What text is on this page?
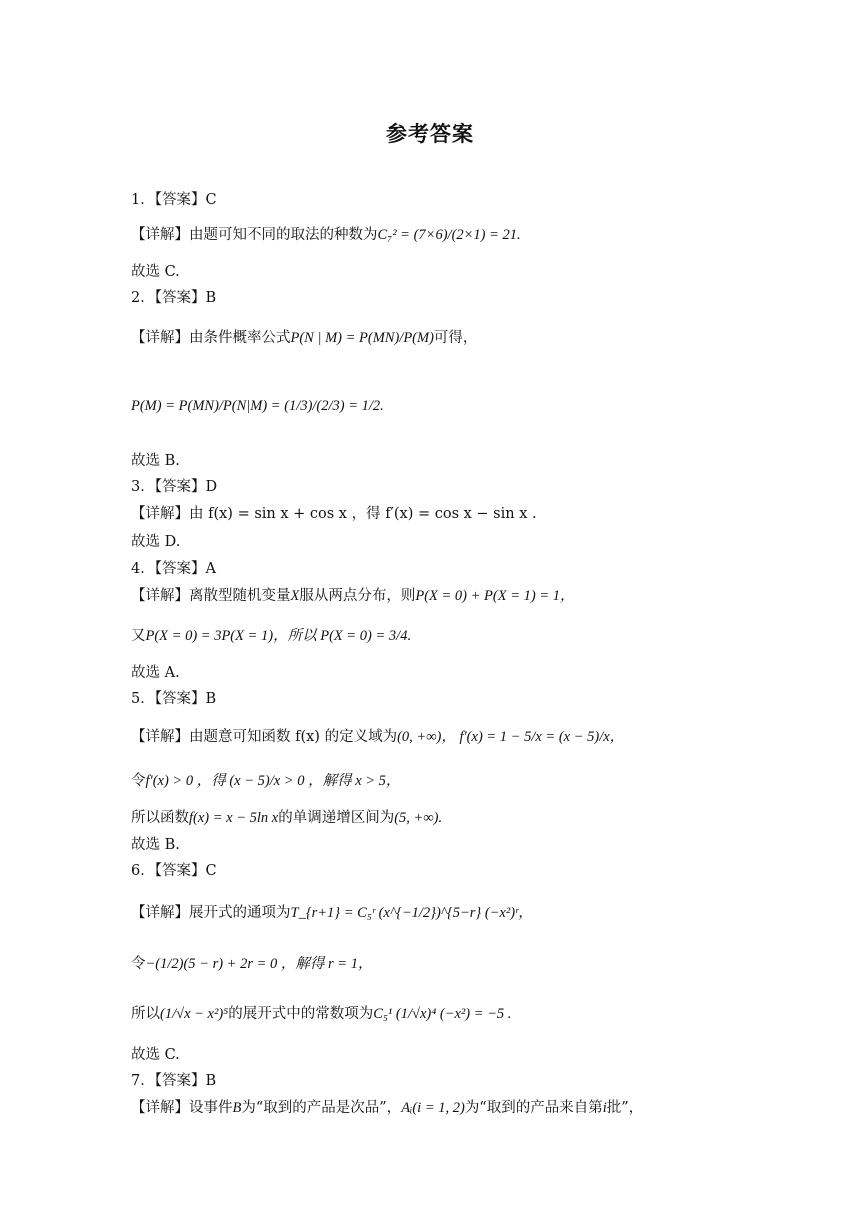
参考答案
1．【答案】C
【详解】由题可知不同的取法的种数为C₇² = (7×6)/(2×1) = 21.
故选 C.
2．【答案】B
【详解】由条件概率公式P(N | M) = P(MN)/P(M)可得，
P(M) = P(MN)/P(N|M) = (1/3)/(2/3) = 1/2.
故选 B.
3．【答案】D
【详解】由 f(x) = sin x + cos x ，得 f′(x) = cos x − sin x .
故选 D.
4．【答案】A
【详解】离散型随机变量X服从两点分布，则P(X = 0) + P(X = 1) = 1，
又P(X = 0) = 3P(X = 1)，所以 P(X = 0) = 3/4.
故选 A.
5．【答案】B
【详解】由题意可知函数 f(x) 的定义域为(0, +∞)， f′(x) = 1 − 5/x = (x − 5)/x，
令f′(x) > 0 ，得 (x − 5)/x > 0 ，解得 x > 5，
所以函数f(x) = x − 5ln x的单调递增区间为(5, +∞).
故选 B.
6．【答案】C
【详解】展开式的通项为T_{r+1} = C₅ʳ (x^{−1/2})^{5−r} (−x²)ʳ，
令−(1/2)(5 − r) + 2r = 0 ，解得 r = 1，
所以(1/√x − x²)⁵的展开式中的常数项为C₅¹ (1/√x)⁴ (−x²) = −5 .
故选 C.
7．【答案】B
【详解】设事件B为“取到的产品是次品”，Aᵢ(i = 1, 2)为“取到的产品来自第i批”，
